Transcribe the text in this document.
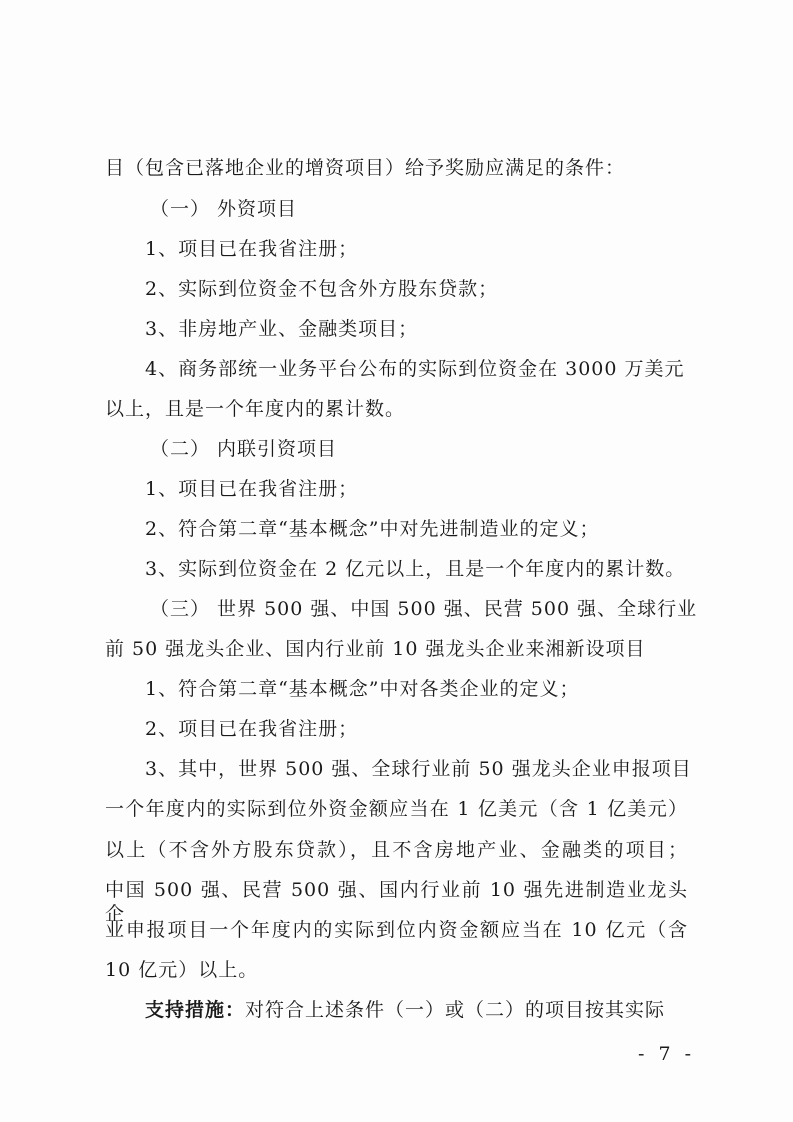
目（包含已落地企业的增资项目）给予奖励应满足的条件：
（一） 外资项目
1、项目已在我省注册；
2、实际到位资金不包含外方股东贷款；
3、非房地产业、金融类项目；
4、商务部统一业务平台公布的实际到位资金在 3000 万美元
以上，且是一个年度内的累计数。
（二） 内联引资项目
1、项目已在我省注册；
2、符合第二章“基本概念”中对先进制造业的定义；
3、实际到位资金在 2 亿元以上，且是一个年度内的累计数。
（三） 世界 500 强、中国 500 强、民营 500 强、全球行业
前 50 强龙头企业、国内行业前 10 强龙头企业来湘新设项目
1、符合第二章“基本概念”中对各类企业的定义；
2、项目已在我省注册；
3、其中，世界 500 强、全球行业前 50 强龙头企业申报项目
一个年度内的实际到位外资金额应当在 1 亿美元（含 1 亿美元）
以上（不含外方股东贷款），且不含房地产业、金融类的项目；
中国 500 强、民营 500 强、国内行业前 10 强先进制造业龙头企
业申报项目一个年度内的实际到位内资金额应当在 10 亿元（含
10 亿元）以上。
支持措施：对符合上述条件（一）或（二）的项目按其实际
- 7 -
